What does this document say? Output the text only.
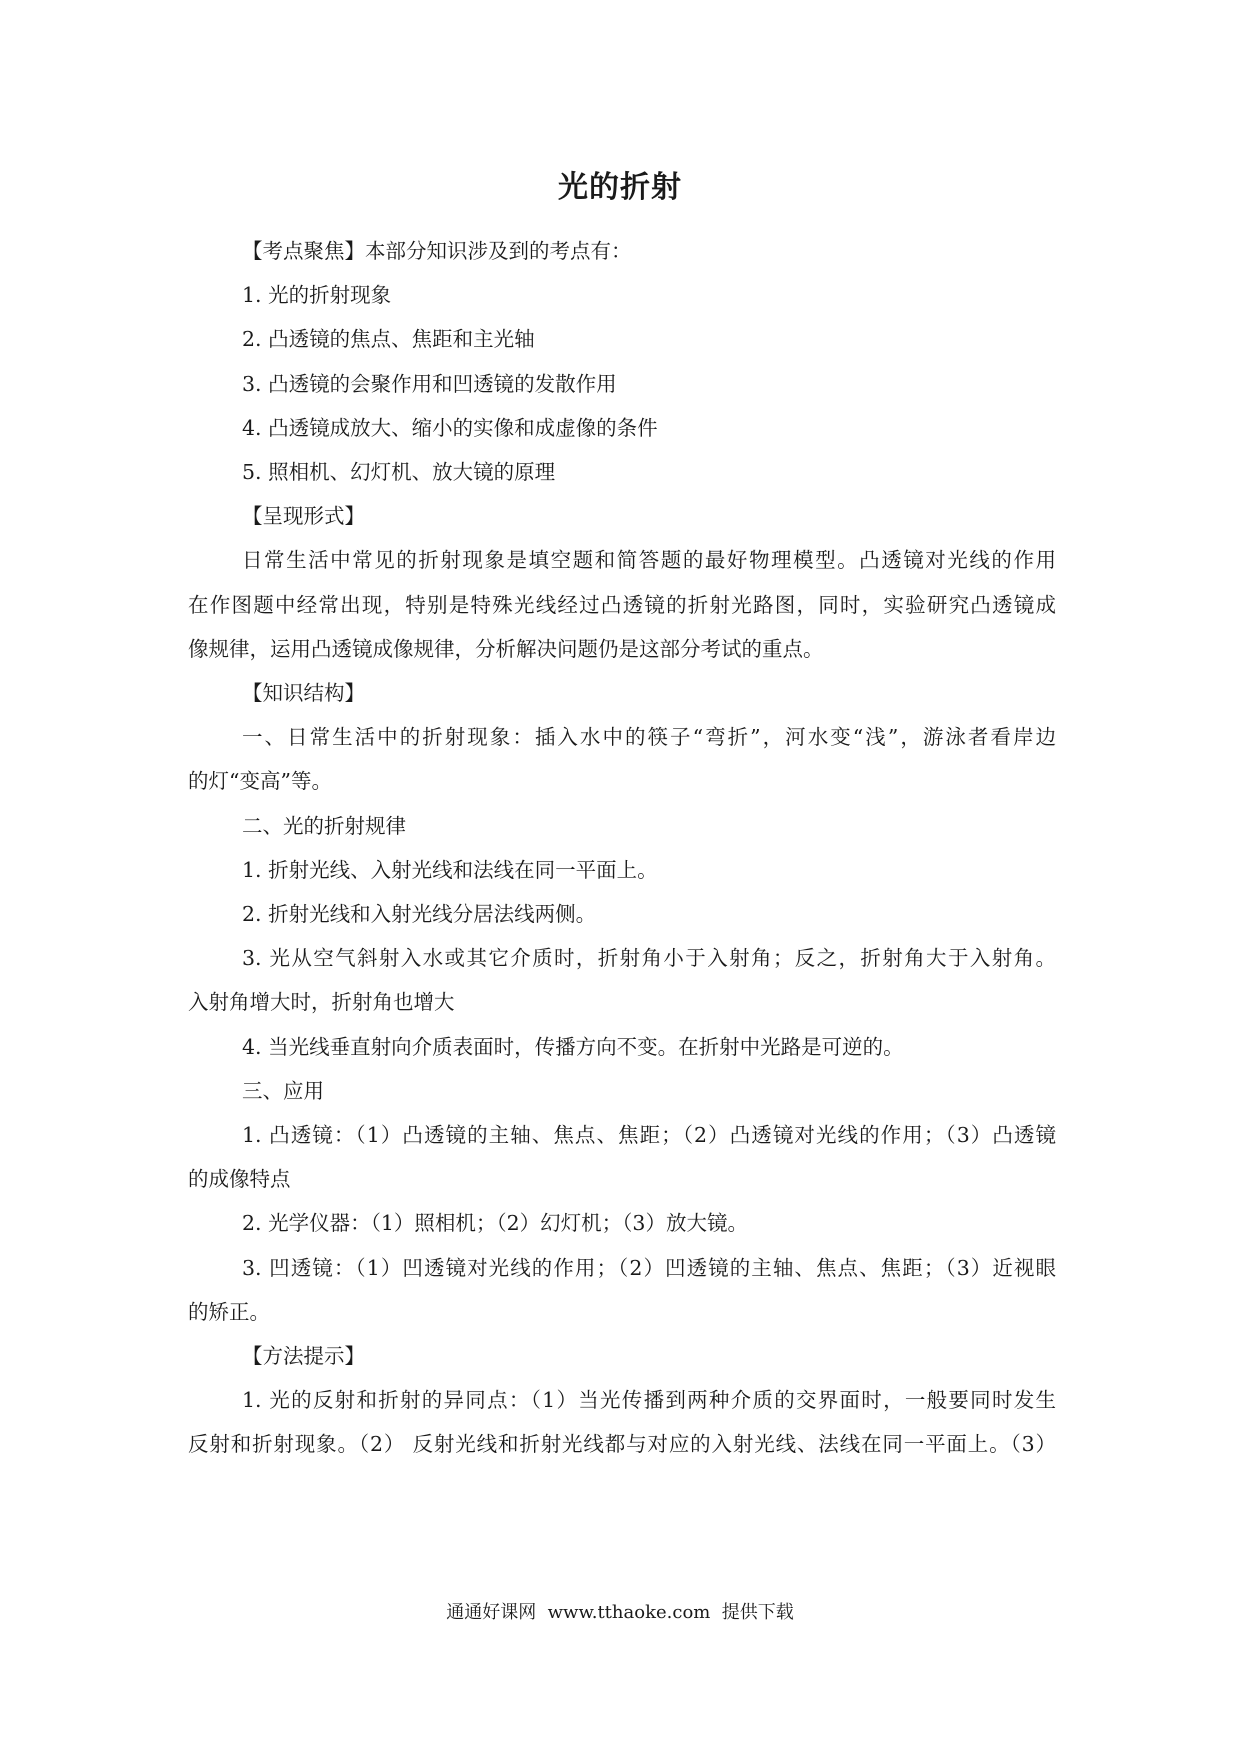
光的折射

【考点聚焦】本部分知识涉及到的考点有：

1. 光的折射现象

2. 凸透镜的焦点、焦距和主光轴

3. 凸透镜的会聚作用和凹透镜的发散作用

4. 凸透镜成放大、缩小的实像和成虚像的条件

5. 照相机、幻灯机、放大镜的原理

【呈现形式】

日常生活中常见的折射现象是填空题和简答题的最好物理模型。凸透镜对光线的作用

在作图题中经常出现，特别是特殊光线经过凸透镜的折射光路图，同时，实验研究凸透镜成

像规律，运用凸透镜成像规律，分析解决问题仍是这部分考试的重点。

【知识结构】

一、日常生活中的折射现象：插入水中的筷子“弯折”，河水变“浅”，游泳者看岸边

的灯“变高”等。

二、光的折射规律

1. 折射光线、入射光线和法线在同一平面上。

2. 折射光线和入射光线分居法线两侧。

3. 光从空气斜射入水或其它介质时，折射角小于入射角；反之，折射角大于入射角。

入射角增大时，折射角也增大

4. 当光线垂直射向介质表面时，传播方向不变。在折射中光路是可逆的。

三、应用

1. 凸透镜：（1）凸透镜的主轴、焦点、焦距；（2）凸透镜对光线的作用；（3）凸透镜

的成像特点

2. 光学仪器：（1）照相机；（2）幻灯机；（3）放大镜。

3. 凹透镜：（1）凹透镜对光线的作用；（2）凹透镜的主轴、焦点、焦距；（3）近视眼

的矫正。

【方法提示】

1. 光的反射和折射的异同点：（1）当光传播到两种介质的交界面时，一般要同时发生

反射和折射现象。（2） 反射光线和折射光线都与对应的入射光线、法线在同一平面上。（3）

通通好课网  www.tthaoke.com  提供下载
